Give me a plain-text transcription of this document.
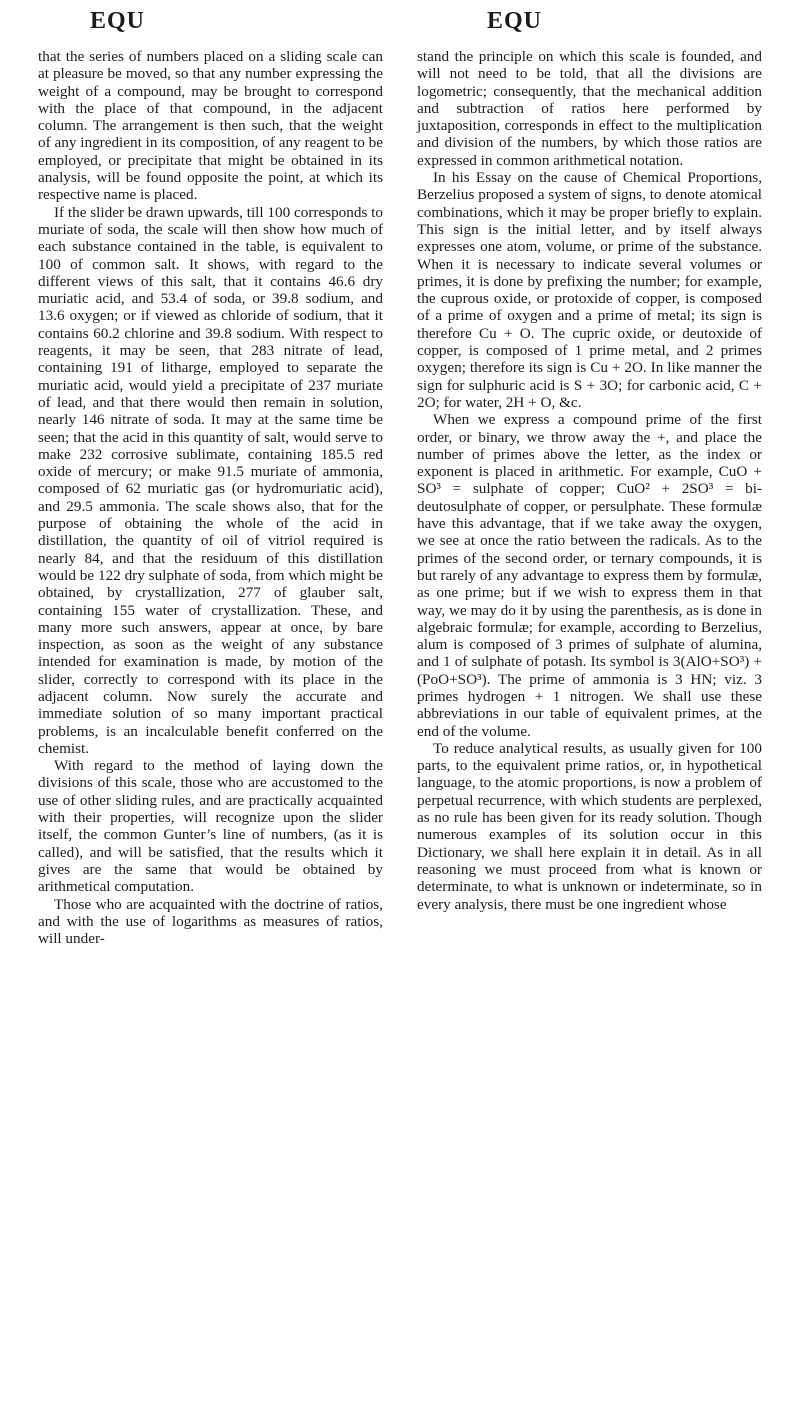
EQU	EQU

that the series of numbers placed on a sliding scale can at pleasure be moved, so that any number expressing the weight of a compound, may be brought to correspond with the place of that compound, in the adjacent column. The arrangement is then such, that the weight of any ingredient in its composition, of any reagent to be employed, or precipitate that might be obtained in its analysis, will be found opposite the point, at which its respective name is placed.

If the slider be drawn upwards, till 100 corresponds to muriate of soda, the scale will then show how much of each substance contained in the table, is equivalent to 100 of common salt. It shows, with regard to the different views of this salt, that it contains 46.6 dry muriatic acid, and 53.4 of soda, or 39.8 sodium, and 13.6 oxygen; or if viewed as chloride of sodium, that it contains 60.2 chlorine and 39.8 sodium. With respect to reagents, it may be seen, that 283 nitrate of lead, containing 191 of litharge, employed to separate the muriatic acid, would yield a precipitate of 237 muriate of lead, and that there would then remain in solution, nearly 146 nitrate of soda. It may at the same time be seen; that the acid in this quantity of salt, would serve to make 232 corrosive sublimate, containing 185.5 red oxide of mercury; or make 91.5 muriate of ammonia, composed of 62 muriatic gas (or hydromuriatic acid), and 29.5 ammonia. The scale shows also, that for the purpose of obtaining the whole of the acid in distillation, the quantity of oil of vitriol required is nearly 84, and that the residuum of this distillation would be 122 dry sulphate of soda, from which might be obtained, by crystallization, 277 of glauber salt, containing 155 water of crystallization. These, and many more such answers, appear at once, by bare inspection, as soon as the weight of any substance intended for examination is made, by motion of the slider, correctly to correspond with its place in the adjacent column. Now surely the accurate and immediate solution of so many important practical problems, is an incalculable benefit conferred on the chemist.

With regard to the method of laying down the divisions of this scale, those who are accustomed to the use of other sliding rules, and are practically acquainted with their properties, will recognize upon the slider itself, the common Gunter’s line of numbers, (as it is called), and will be satisfied, that the results which it gives are the same that would be obtained by arithmetical computation.

Those who are acquainted with the doctrine of ratios, and with the use of logarithms as measures of ratios, will under-

stand the principle on which this scale is founded, and will not need to be told, that all the divisions are logometric; consequently, that the mechanical addition and subtraction of ratios here performed by juxtaposition, corresponds in effect to the multiplication and division of the numbers, by which those ratios are expressed in common arithmetical notation.

In his Essay on the cause of Chemical Proportions, Berzelius proposed a system of signs, to denote atomical combinations, which it may be proper briefly to explain. This sign is the initial letter, and by itself always expresses one atom, volume, or prime of the substance. When it is necessary to indicate several volumes or primes, it is done by prefixing the number; for example, the cuprous oxide, or protoxide of copper, is composed of a prime of oxygen and a prime of metal; its sign is therefore Cu + O. The cupric oxide, or deutoxide of copper, is composed of 1 prime metal, and 2 primes oxygen; therefore its sign is Cu + 2O. In like manner the sign for sulphuric acid is S + 3O; for carbonic acid, C + 2O; for water, 2H + O, &c.

When we express a compound prime of the first order, or binary, we throw away the +, and place the number of primes above the letter, as the index or exponent is placed in arithmetic. For example, CuO + SO³ = sulphate of copper; CuO² + 2SO³ = bi-deutosulphate of copper, or persulphate. These formulæ have this advantage, that if we take away the oxygen, we see at once the ratio between the radicals. As to the primes of the second order, or ternary compounds, it is but rarely of any advantage to express them by formulæ, as one prime; but if we wish to express them in that way, we may do it by using the parenthesis, as is done in algebraic formulæ; for example, according to Berzelius, alum is composed of 3 primes of sulphate of alumina, and 1 of sulphate of potash. Its symbol is 3(AlO+SO³) + (PoO+SO³). The prime of ammonia is 3 HN; viz. 3 primes hydrogen + 1 nitrogen. We shall use these abbreviations in our table of equivalent primes, at the end of the volume.

To reduce analytical results, as usually given for 100 parts, to the equivalent prime ratios, or, in hypothetical language, to the atomic proportions, is now a problem of perpetual recurrence, with which students are perplexed, as no rule has been given for its ready solution. Though numerous examples of its solution occur in this Dictionary, we shall here explain it in detail. As in all reasoning we must proceed from what is known or determinate, to what is unknown or indeterminate, so in every analysis, there must be one ingredient whose
